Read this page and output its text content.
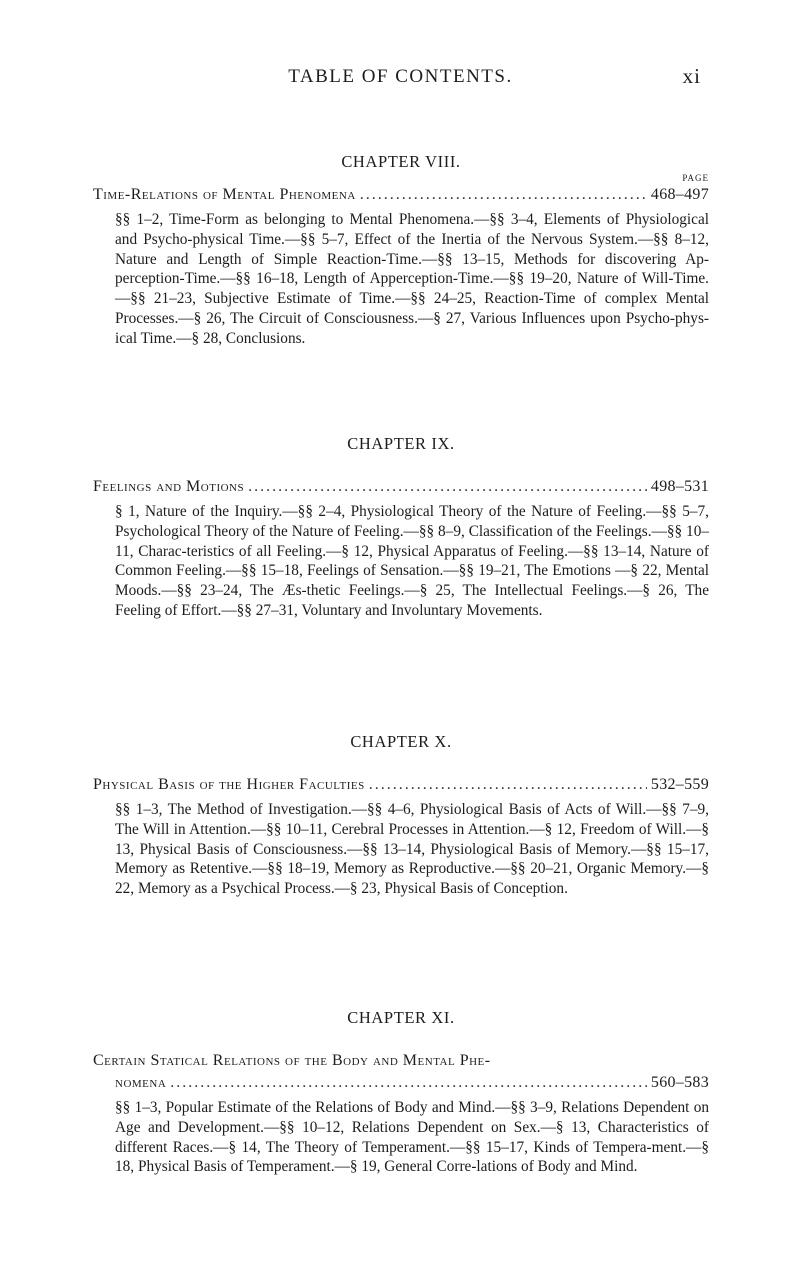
TABLE OF CONTENTS.	xi
CHAPTER VIII.
PAGE
Time-Relations of Mental Phenomena .....	468–497
§§ 1–2, Time-Form as belonging to Mental Phenomena.—§§ 3–4, Elements of Physiological and Psycho-physical Time.—§§ 5–7, Effect of the Inertia of the Nervous System.—§§ 8–12, Nature and Length of Simple Reaction-Time.—§§ 13–15, Methods for discovering Ap-perception-Time.—§§ 16–18, Length of Apperception-Time.—§§ 19–20, Nature of Will-Time.—§§ 21–23, Subjective Estimate of Time.—§§ 24–25, Reaction-Time of complex Mental Processes.—§ 26, The Circuit of Consciousness.—§ 27, Various Influences upon Psycho-phys-ical Time.—§ 28, Conclusions.
CHAPTER IX.
Feelings and Motions .....	498–531
§ 1, Nature of the Inquiry.—§§ 2–4, Physiological Theory of the Nature of Feeling.—§§ 5–7, Psychological Theory of the Nature of Feeling.—§§ 8–9, Classification of the Feelings.—§§ 10–11, Charac-teristics of all Feeling.—§ 12, Physical Apparatus of Feeling.—§§ 13–14, Nature of Common Feeling.—§§ 15–18, Feelings of Sensation.—§§ 19–21, The Emotions —§ 22, Mental Moods.—§§ 23–24, The Æs-thetic Feelings.—§ 25, The Intellectual Feelings.—§ 26, The Feeling of Effort.—§§ 27–31, Voluntary and Involuntary Movements.
CHAPTER X.
Physical Basis of the Higher Faculties .....	532–559
§§ 1–3, The Method of Investigation.—§§ 4–6, Physiological Basis of Acts of Will.—§§ 7–9, The Will in Attention.—§§ 10–11, Cerebral Processes in Attention.—§ 12, Freedom of Will.—§ 13, Physical Basis of Consciousness.—§§ 13–14, Physiological Basis of Memory.—§§ 15–17, Memory as Retentive.—§§ 18–19, Memory as Reproductive.—§§ 20–21, Organic Memory.—§ 22, Memory as a Psychical Process.—§ 23, Physical Basis of Conception.
CHAPTER XI.
Certain Statical Relations of the Body and Mental Phe-
nomena .....	560–583
§§ 1–3, Popular Estimate of the Relations of Body and Mind.—§§ 3–9, Relations Dependent on Age and Development.—§§ 10–12, Relations Dependent on Sex.—§ 13, Characteristics of different Races.—§ 14, The Theory of Temperament.—§§ 15–17, Kinds of Tempera-ment.—§ 18, Physical Basis of Temperament.—§ 19, General Corre-lations of Body and Mind.
